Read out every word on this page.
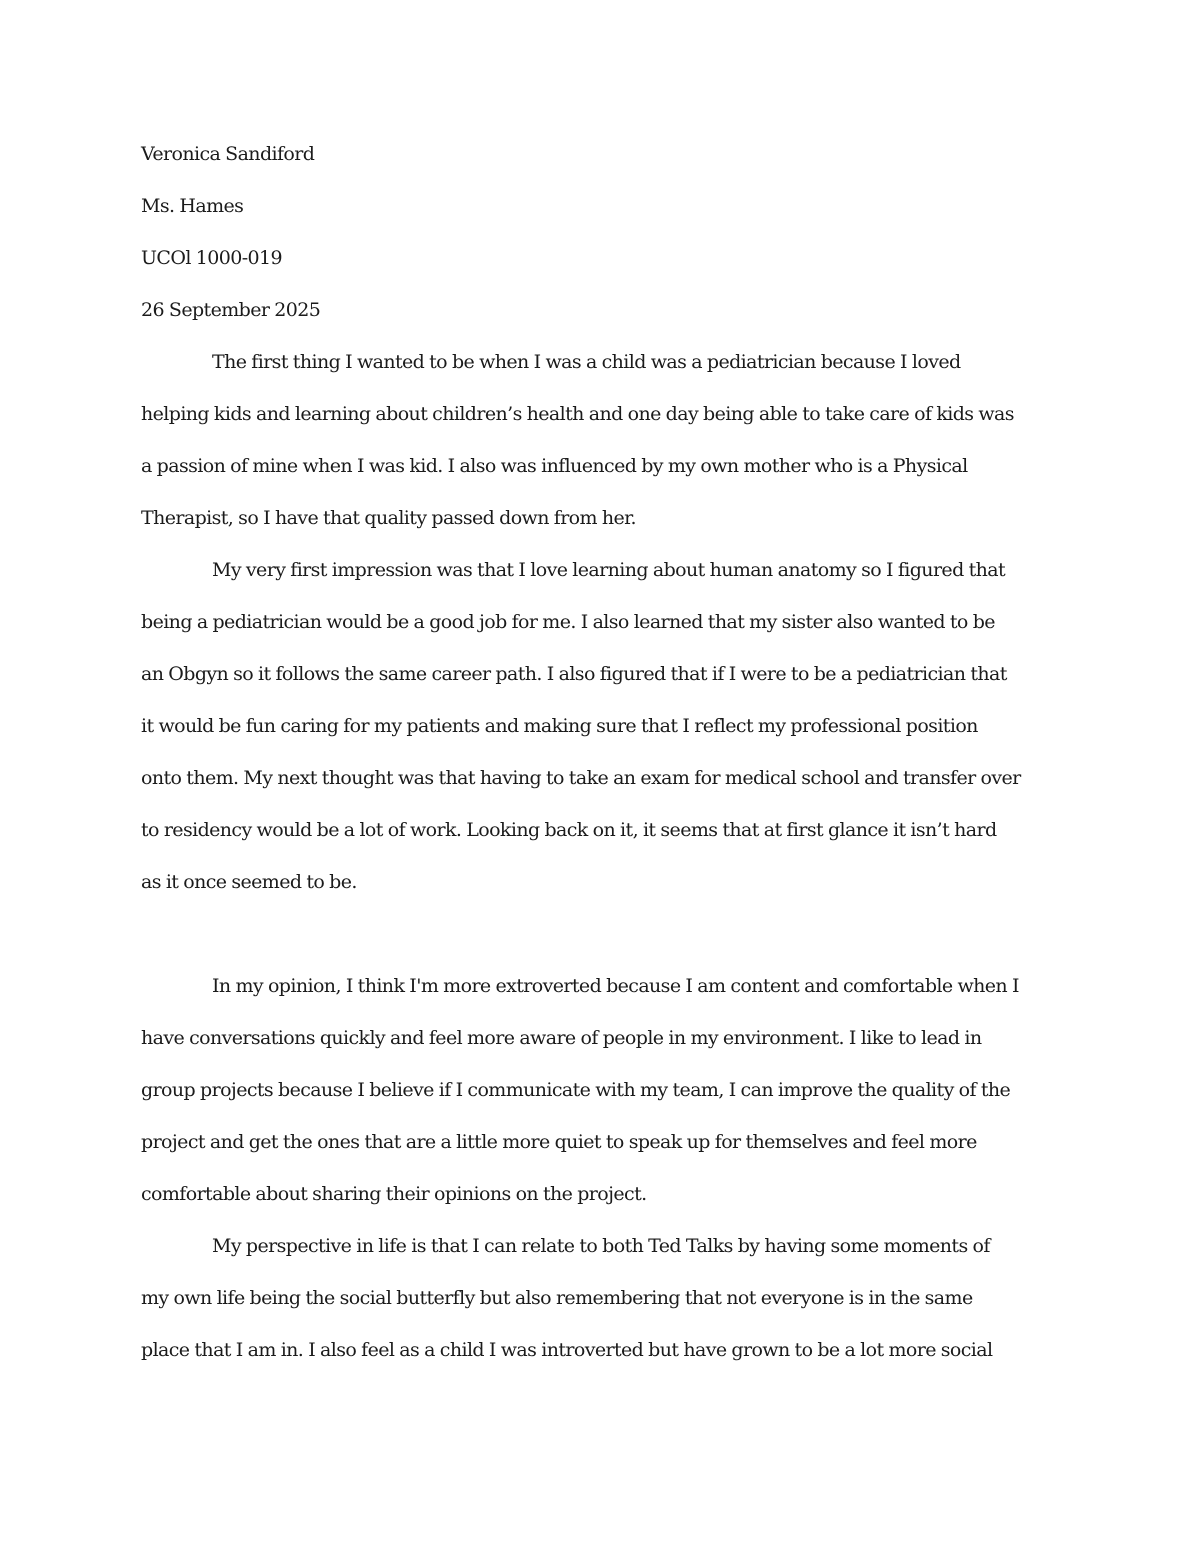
Veronica Sandiford
Ms. Hames
UCOl 1000-019
26 September 2025
The first thing I wanted to be when I was a child was a pediatrician because I loved
helping kids and learning about children’s health and one day being able to take care of kids was
a passion of mine when I was kid. I also was influenced by my own mother who is a Physical
Therapist, so I have that quality passed down from her.
My very first impression was that I love learning about human anatomy so I figured that
being a pediatrician would be a good job for me. I also learned that my sister also wanted to be
an Obgyn so it follows the same career path. I also figured that if I were to be a pediatrician that
it would be fun caring for my patients and making sure that I reflect my professional position
onto them. My next thought was that having to take an exam for medical school and transfer over
to residency would be a lot of work. Looking back on it, it seems that at first glance it isn’t hard
as it once seemed to be.
In my opinion, I think I'm more extroverted because I am content and comfortable when I
have conversations quickly and feel more aware of people in my environment. I like to lead in
group projects because I believe if I communicate with my team, I can improve the quality of the
project and get the ones that are a little more quiet to speak up for themselves and feel more
comfortable about sharing their opinions on the project.
My perspective in life is that I can relate to both Ted Talks by having some moments of
my own life being the social butterfly but also remembering that not everyone is in the same
place that I am in. I also feel as a child I was introverted but have grown to be a lot more social
